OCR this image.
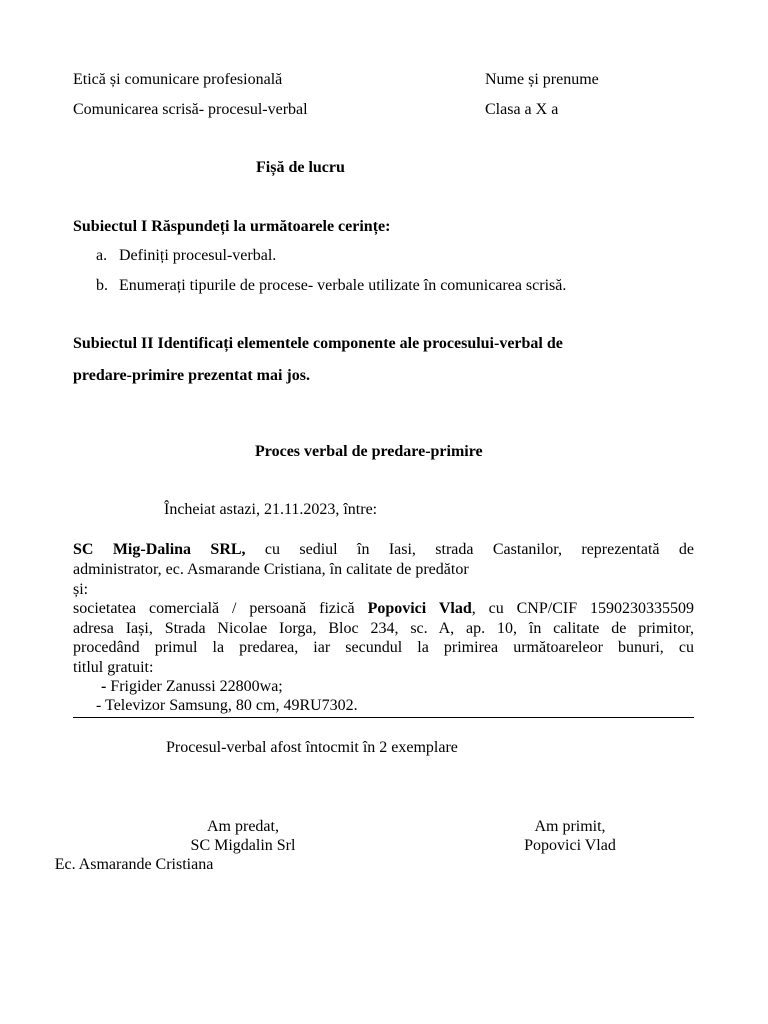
Etică și comunicare profesională	Nume și prenume
Comunicarea scrisă- procesul-verbal	Clasa a X a
Fișă de lucru
Subiectul I Răspundeți la următoarele cerințe:
a. Definiți procesul-verbal.
b. Enumerați tipurile de procese- verbale utilizate în comunicarea scrisă.
Subiectul II Identificați elementele componente ale procesului-verbal de
predare-primire prezentat mai jos.
Proces verbal de predare-primire
Încheiat astazi, 21.11.2023, între:
SC Mig-Dalina SRL, cu sediul în Iasi, strada Castanilor, reprezentată de
administrator, ec. Asmarande Cristiana, în calitate de predător
și:
societatea comercială / persoană fizică Popovici Vlad, cu CNP/CIF 1590230335509
adresa Iași, Strada Nicolae Iorga, Bloc 234, sc. A, ap. 10, în calitate de primitor,
procedând primul la predarea, iar secundul la primirea următoareleor bunuri, cu
titlul gratuit:
- Frigider Zanussi 22800wa;
- Televizor Samsung, 80 cm, 49RU7302.
Procesul-verbal afost întocmit în 2 exemplare
Am predat,
SC Migdalin Srl
Ec. Asmarande Cristiana
Am primit,
Popovici Vlad
